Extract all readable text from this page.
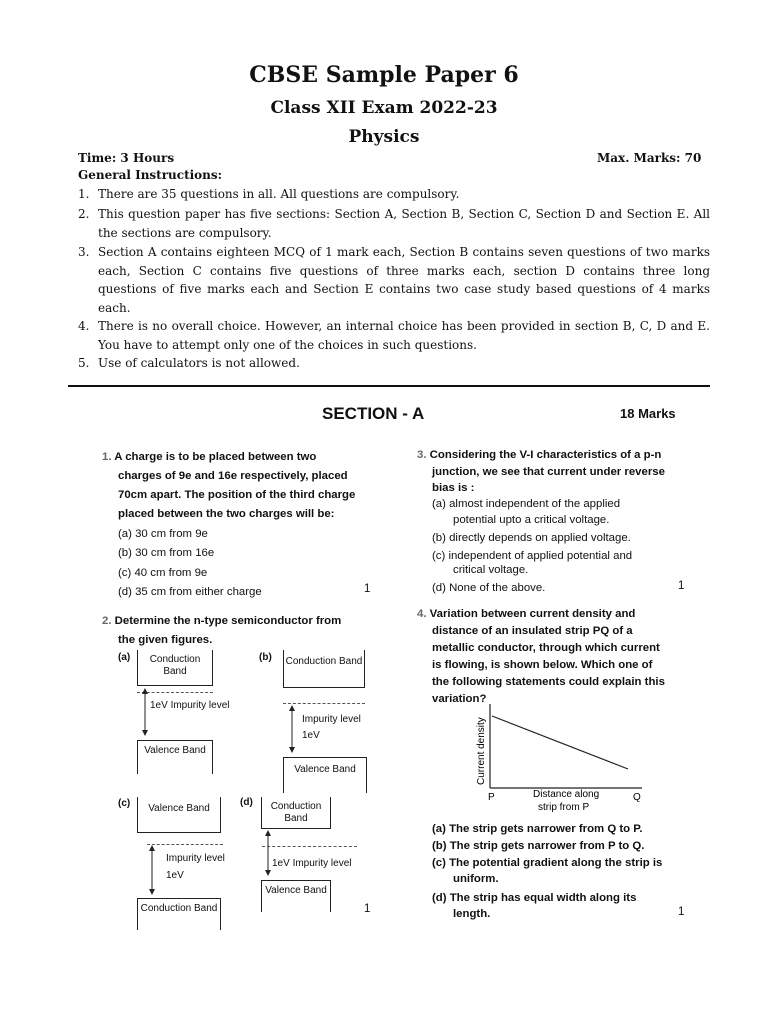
CBSE Sample Paper 6
Class XII Exam 2022-23
Physics
Time: 3 Hours	Max. Marks: 70
General Instructions:
1. There are 35 questions in all. All questions are compulsory.
2. This question paper has five sections: Section A, Section B, Section C, Section D and Section E. All the sections are compulsory.
3. Section A contains eighteen MCQ of 1 mark each, Section B contains seven questions of two marks each, Section C contains five questions of three marks each, section D contains three long questions of five marks each and Section E contains two case study based questions of 4 marks each.
4. There is no overall choice. However, an internal choice has been provided in section B, C, D and E. You have to attempt only one of the choices in such questions.
5. Use of calculators is not allowed.
SECTION - A	18 Marks
1. A charge is to be placed between two
charges of 9e and 16e respectively, placed
70cm apart. The position of the third charge
placed between the two charges will be:
(a) 30 cm from 9e
(b) 30 cm from 16e
(c) 40 cm from 9e
(d) 35 cm from either charge	1
2. Determine the n-type semiconductor from
the given figures.
(a)	Conduction Band
1eV Impurity level
Valence Band
(b) Conduction Band
Impurity level
1eV
Valence Band
(c)	Valence Band
Impurity level
1eV
Conduction Band
(d)	Conduction Band
1eV Impurity level
Valence Band
1
3. Considering the V-I characteristics of a p-n
junction, we see that current under reverse
bias is :
(a) almost independent of the applied
potential upto a critical voltage.
(b) directly depends on applied voltage.
(c) independent of applied potential and
critical voltage.
(d) None of the above.	1
4. Variation between current density and
distance of an insulated strip PQ of a
metallic conductor, through which current
is flowing, is shown below. Which one of
the following statements could explain this
variation?
Current density
P	Q
Distance along
strip from P
(a) The strip gets narrower from Q to P.
(b) The strip gets narrower from P to Q.
(c) The potential gradient along the strip is
uniform.
(d) The strip has equal width along its
length.	1
